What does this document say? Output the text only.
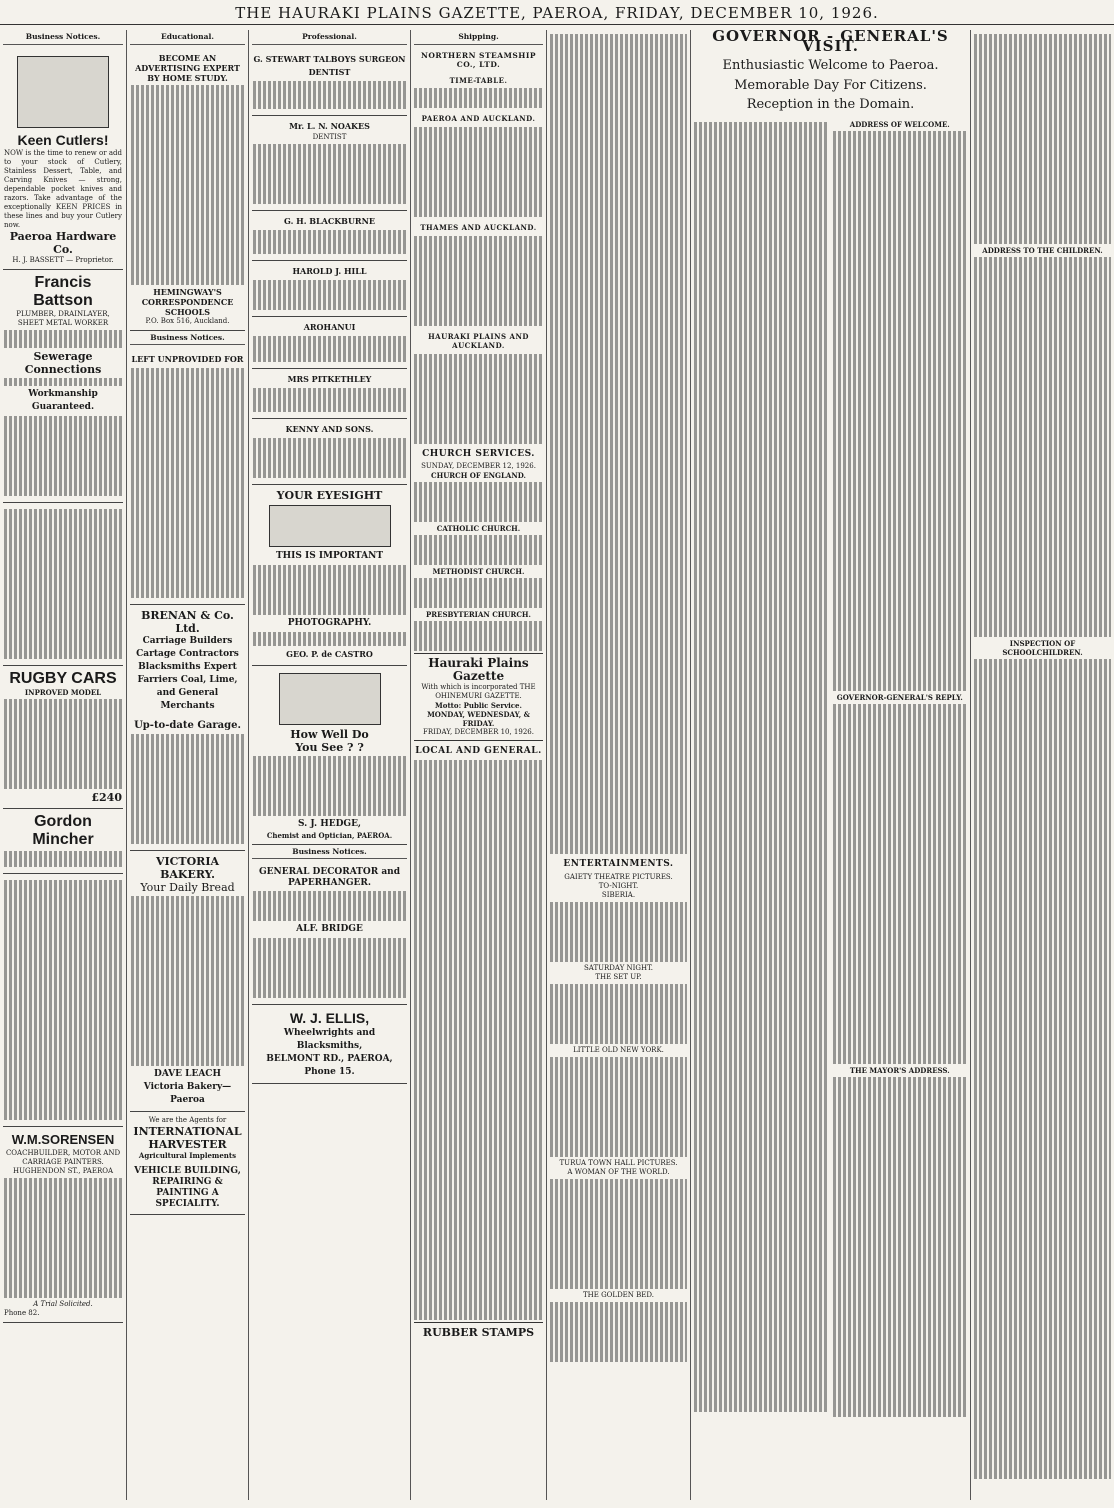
THE HAURAKI PLAINS GAZETTE, PAEROA, FRIDAY, DECEMBER 10, 1926.
Business Notices.
Keen Cutlers!
NOW is the time to renew or add to your stock of Cutlery, Stainless Dessert, Table, and Carving Knives — strong, dependable pocket knives and razors. Take advantage of the exceptionally KEEN PRICES in these lines and buy your Cutlery now.
Paeroa Hardware Co.
H. J. BASSETT — Proprietor.
Francis Battson
PLUMBER, DRAINLAYER, SHEET METAL WORKER
Sewerage Connections
Workmanship Guaranteed.
RUGBY CARS
INPROVED MODEL
£240
Gordon Mincher
W.M.SORENSEN
COACHBUILDER, MOTOR AND CARRIAGE PAINTERS. HUGHENDON ST., PAEROA
A Trial Solicited.
Phone 82.
Educational.
BECOME AN ADVERTISING EXPERT BY HOME STUDY.
HEMINGWAY'S CORRESPONDENCE SCHOOLS
P.O. Box 516, Auckland.
Business Notices.
LEFT UNPROVIDED FOR
BRENAN & Co. Ltd.
Carriage Builders Cartage Contractors Blacksmiths Expert Farriers Coal, Lime, and General Merchants
Up-to-date Garage.
VICTORIA BAKERY.
Your Daily Bread
DAVE LEACH
Victoria Bakery—Paeroa
We are the Agents for
INTERNATIONAL HARVESTER
Agricultural Implements
VEHICLE BUILDING, REPAIRING & PAINTING A SPECIALITY.
Professional.
G. STEWART TALBOYS SURGEON DENTIST
Mr. L. N. NOAKES
DENTIST
G. H. BLACKBURNE
HAROLD J. HILL
AROHANUI
MRS PITKETHLEY
KENNY AND SONS.
YOUR EYESIGHT
THIS IS IMPORTANT
PHOTOGRAPHY.
GEO. P. de CASTRO
How Well Do
You See ? ?
S. J. HEDGE,
Chemist and Optician, PAEROA.
Business Notices.
GENERAL DECORATOR and PAPERHANGER.
ALF. BRIDGE
W. J. ELLIS,
Wheelwrights and Blacksmiths,
BELMONT RD., PAEROA,
Phone 15.
Shipping.
NORTHERN STEAMSHIP CO., LTD.
TIME-TABLE.
PAEROA AND AUCKLAND.
THAMES AND AUCKLAND.
HAURAKI PLAINS AND AUCKLAND.
CHURCH SERVICES.
SUNDAY, DECEMBER 12, 1926.
CHURCH OF ENGLAND.
CATHOLIC CHURCH.
METHODIST CHURCH.
PRESBYTERIAN CHURCH.
Hauraki Plains Gazette
With which is incorporated THE OHINEMURI GAZETTE.
Motto: Public Service.
MONDAY, WEDNESDAY, & FRIDAY.
FRIDAY, DECEMBER 10, 1926.
LOCAL AND GENERAL.
RUBBER STAMPS
ENTERTAINMENTS.
GAIETY THEATRE PICTURES.
TO-NIGHT.
SIBERIA.
SATURDAY NIGHT.
THE SET UP.
LITTLE OLD NEW YORK.
TURUA TOWN HALL PICTURES.
A WOMAN OF THE WORLD.
THE GOLDEN BED.
GOVERNOR - GENERAL'S VISIT.
Enthusiastic Welcome to Paeroa.
Memorable Day For Citizens.
Reception in the Domain.
ADDRESS OF WELCOME.
GOVERNOR-GENERAL'S REPLY.
THE MAYOR'S ADDRESS.
ADDRESS TO THE CHILDREN.
INSPECTION OF SCHOOLCHILDREN.
